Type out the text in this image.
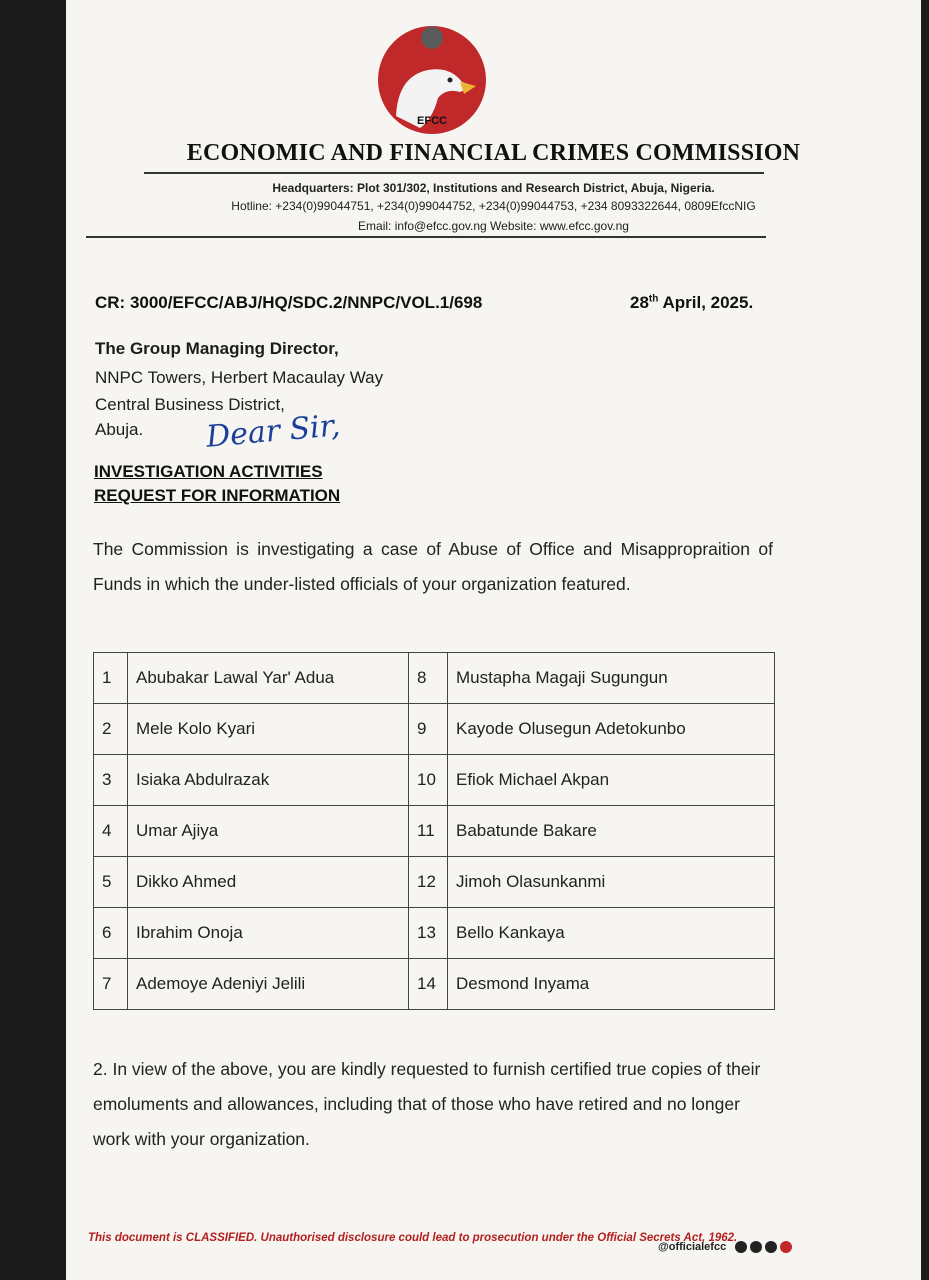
EFCC
ECONOMIC AND FINANCIAL CRIMES COMMISSION
Headquarters: Plot 301/302, Institutions and Research District, Abuja, Nigeria.
Hotline: +234(0)99044751, +234(0)99044752, +234(0)99044753, +234 8093322644, 0809EfccNIG
Email: info@efcc.gov.ng Website: www.efcc.gov.ng
CR: 3000/EFCC/ABJ/HQ/SDC.2/NNPC/VOL.1/698	28th April, 2025.
The Group Managing Director,
NNPC Towers, Herbert Macaulay Way
Central Business District,
Abuja. Dear Sir,
INVESTIGATION ACTIVITIES
REQUEST FOR INFORMATION
The Commission is investigating a case of Abuse of Office and Misappropraition of Funds in which the under-listed officials of your organization featured.
1	Abubakar Lawal Yar' Adua	8	Mustapha Magaji Sugungun
2	Mele Kolo Kyari	9	Kayode Olusegun Adetokunbo
3	Isiaka Abdulrazak	10	Efiok Michael Akpan
4	Umar Ajiya	11	Babatunde Bakare
5	Dikko Ahmed	12	Jimoh Olasunkanmi
6	Ibrahim Onoja	13	Bello Kankaya
7	Ademoye Adeniyi Jelili	14	Desmond Inyama
2. In view of the above, you are kindly requested to furnish certified true copies of their emoluments and allowances, including that of those who have retired and no longer work with your organization.
This document is CLASSIFIED. Unauthorised disclosure could lead to prosecution under the Official Secrets Act, 1962.
@officialefcc
